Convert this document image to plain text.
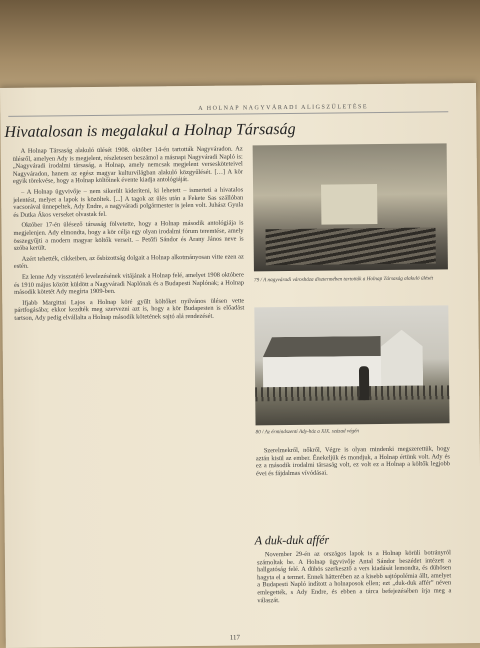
A HOLNAP NAGYVÁRADI ALIGSZÜLETÉSE
Hivatalosan is megalakul a Holnap Társaság

A Holnap Társaság alakuló ülését 1908. október 14-én tartották Nagyváradon. Az ülésről, amelyen Ady is megjelent, részletesen beszámol a másnapi Nagyváradi Napló is: „Nagyváradi irodalmi társaság, a Holnap, amely nemcsak megjelent versesköteteivel Nagyváradon, hanem az egész magyar kulturvilágban alakuló közgyűlését. […] A kör egyik törekvése, hogy a Holnap költőinek évente kiadja antológiáját.

– A Holnap ügyvivője – nem sikerült kideríteni, ki lehetett – ismerteti a hivatalos jelentést, melyet a lapok is közöltek. [...] A tagok az ülés után a Fekete Sas szállóban vacsorával ünnepeltek, Ady Endre, a nagyváradi polgármester is jelen volt. Juhász Gyula és Dutka Ákos verseket olvastak fel.

Október 17-én ülésező társaság fölvetette, hogy a Holnap második antológiája is megjelenjen. Ady elmondta, hogy a kör célja egy olyan irodalmi fórum teremtése, amely összegyűjti a modern magyar költők verseit. – Petőfi Sándor és Arany János neve is szóba került.

Azért tehették, cikkeiben, az ősbizottság dolgait a Holnap alkotmányosan vitte ezen az estén.

Ez lenne Ady visszatérő levelezésének vitájának a Holnap felé, amelyet 1908 októbere és 1910 május között küldött a Nagyváradi Naplónak és a Budapesti Naplónak; a Holnap második kötetét Ady megírta 1909-ben.

Ifjabb Margittai Lajos a Holnap köré gyűlt költőket nyilvános ülésen vette pártfogásába; ekkor kezdték meg szervezni azt is, hogy a kör Budapesten is előadást tartson, Ady pedig elvállalta a Holnap második kötetének sajtó alá rendezését.

79 / A nagyváradi városháza dísztermében tartották a Holnap Társaság alakuló ülését
80 / Az érmindszenti Ady-ház a XIX. század végén

Szerelmekről, nőkről, Végre is olyan mindenki megszerettük, hogy aztán kisül az ember. Énekeljük és mondjuk, a Holnap értünk volt. Ady és ez a második irodalmi társaság volt, ez volt ez a Holnap a költők legjobb évei és fájdalmas vívódásai.

A duk-duk affér

November 29-én az országos lapok is a Holnap körüli botrányról számoltak be. A Holnap ügyvivője Antal Sándor beszédet intézett a hallgatóság felé. A dühös szerkesztő a vers kiadását lemondta, és dühösen hagyta el a termet. Ennek hátterében az a kisebb sajtópolémia állt, amelyet a Budapesti Napló indított a holnaposok ellen; ezt „duk-duk affér” néven emlegették, s Ady Endre, és ebben a tárca befejezésében írja meg a válaszát.

117
